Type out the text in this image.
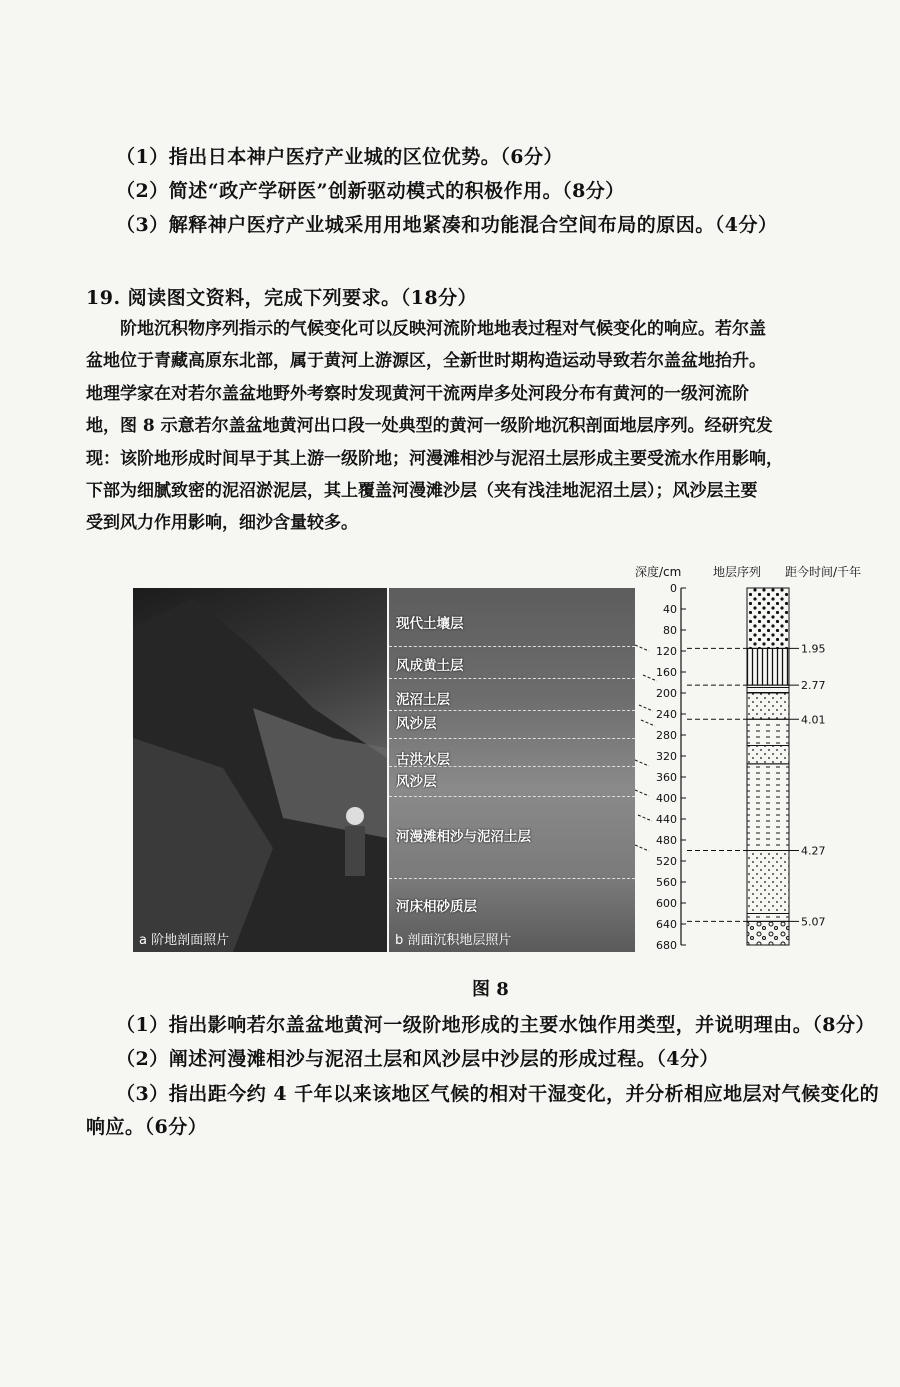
（1）指出日本神户医疗产业城的区位优势。（6分）
（2）简述“政产学研医”创新驱动模式的积极作用。（8分）
（3）解释神户医疗产业城采用用地紧凑和功能混合空间布局的原因。（4分）
19. 阅读图文资料，完成下列要求。（18分）
阶地沉积物序列指示的气候变化可以反映河流阶地地表过程对气候变化的响应。若尔盖
盆地位于青藏高原东北部，属于黄河上游源区，全新世时期构造运动导致若尔盖盆地抬升。
地理学家在对若尔盖盆地野外考察时发现黄河干流两岸多处河段分布有黄河的一级河流阶
地，图 8 示意若尔盖盆地黄河出口段一处典型的黄河一级阶地沉积剖面地层序列。经研究发
现：该阶地形成时间早于其上游一级阶地；河漫滩相沙与泥沼土层形成主要受流水作用影响，
下部为细腻致密的泥沼淤泥层，其上覆盖河漫滩沙层（夹有浅洼地泥沼土层）；风沙层主要
受到风力作用影响，细沙含量较多。
a 阶地剖面照片
现代土壤层
风成黄土层
泥沼土层
风沙层
古洪水层
风沙层
河漫滩相沙与泥沼土层
河床相砂质层
b 剖面沉积地层照片
深度/cm	地层序列 距今时间/千年
0
40
80
120
160
200
240
280
320
360
400
440
480
520
560
600
640
680
1.95
2.77
4.01
4.27
5.07
图 8
（1）指出影响若尔盖盆地黄河一级阶地形成的主要水蚀作用类型，并说明理由。（8分）
（2）阐述河漫滩相沙与泥沼土层和风沙层中沙层的形成过程。（4分）
（3）指出距今约 4 千年以来该地区气候的相对干湿变化，并分析相应地层对气候变化的
响应。（6分）
